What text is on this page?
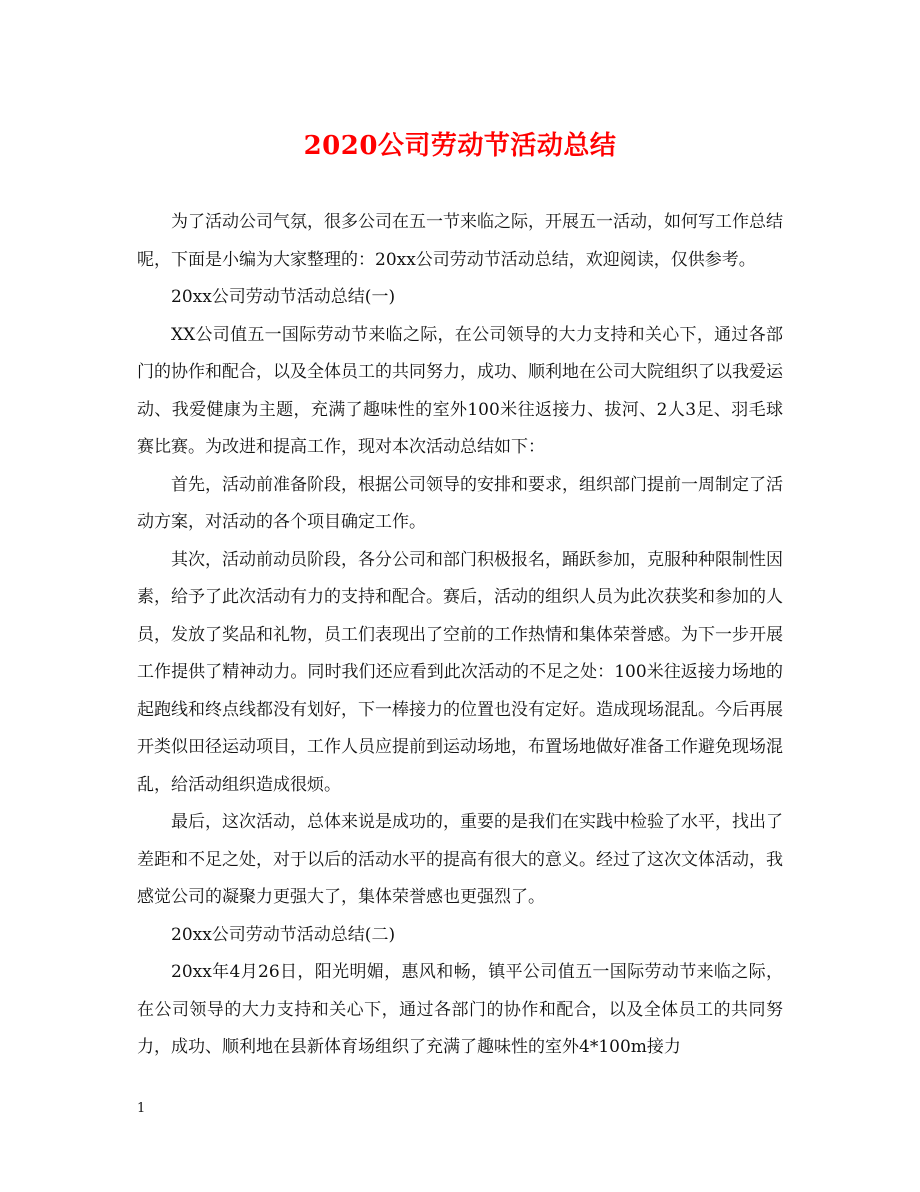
2020公司劳动节活动总结

为了活动公司气氛，很多公司在五一节来临之际，开展五一活动，如何写工作总结呢，下面是小编为大家整理的：20xx公司劳动节活动总结，欢迎阅读，仅供参考。

20xx公司劳动节活动总结(一)

XX公司值五一国际劳动节来临之际，在公司领导的大力支持和关心下，通过各部门的协作和配合，以及全体员工的共同努力，成功、顺利地在公司大院组织了以我爱运动、我爱健康为主题，充满了趣味性的室外100米往返接力、拔河、2人3足、羽毛球赛比赛。为改进和提高工作，现对本次活动总结如下：

首先，活动前准备阶段，根据公司领导的安排和要求，组织部门提前一周制定了活动方案，对活动的各个项目确定工作。

其次，活动前动员阶段，各分公司和部门积极报名，踊跃参加，克服种种限制性因素，给予了此次活动有力的支持和配合。赛后，活动的组织人员为此次获奖和参加的人员，发放了奖品和礼物，员工们表现出了空前的工作热情和集体荣誉感。为下一步开展工作提供了精神动力。同时我们还应看到此次活动的不足之处：100米往返接力场地的起跑线和终点线都没有划好，下一棒接力的位置也没有定好。造成现场混乱。今后再展开类似田径运动项目，工作人员应提前到运动场地，布置场地做好准备工作避免现场混乱，给活动组织造成很烦。

最后，这次活动，总体来说是成功的，重要的是我们在实践中检验了水平，找出了差距和不足之处，对于以后的活动水平的提高有很大的意义。经过了这次文体活动，我感觉公司的凝聚力更强大了，集体荣誉感也更强烈了。

20xx公司劳动节活动总结(二)

20xx年4月26日，阳光明媚，惠风和畅，镇平公司值五一国际劳动节来临之际，在公司领导的大力支持和关心下，通过各部门的协作和配合，以及全体员工的共同努力，成功、顺利地在县新体育场组织了充满了趣味性的室外4*100m接力

1
